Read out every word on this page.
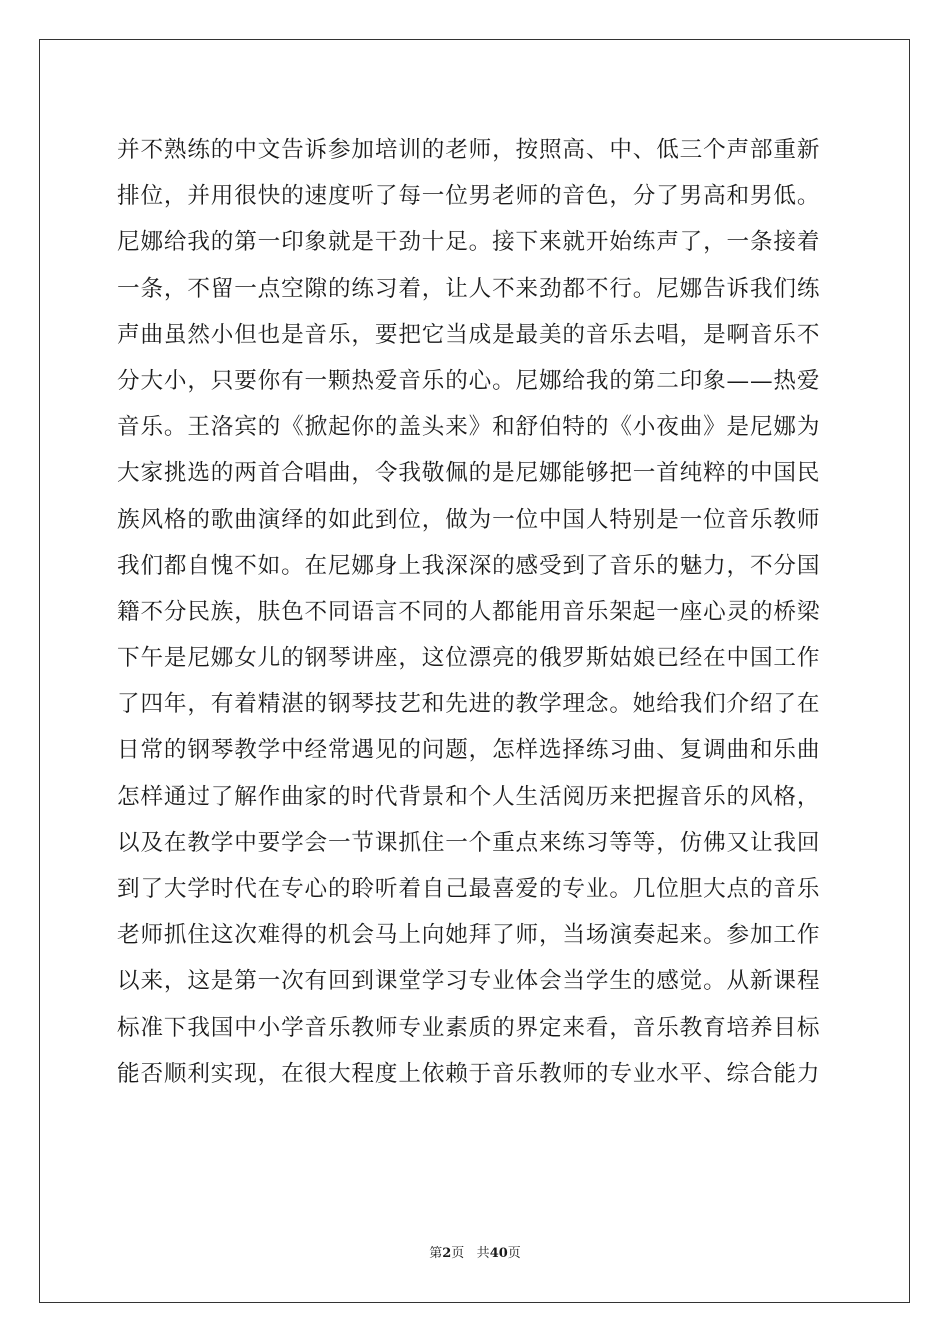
并不熟练的中文告诉参加培训的老师，按照高、中、低三个声部重新
排位，并用很快的速度听了每一位男老师的音色，分了男高和男低。
尼娜给我的第一印象就是干劲十足。接下来就开始练声了，一条接着
一条，不留一点空隙的练习着，让人不来劲都不行。尼娜告诉我们练
声曲虽然小但也是音乐，要把它当成是最美的音乐去唱，是啊音乐不
分大小，只要你有一颗热爱音乐的心。尼娜给我的第二印象——热爱
音乐。王洛宾的《掀起你的盖头来》和舒伯特的《小夜曲》是尼娜为
大家挑选的两首合唱曲，令我敬佩的是尼娜能够把一首纯粹的中国民
族风格的歌曲演绎的如此到位，做为一位中国人特别是一位音乐教师
我们都自愧不如。在尼娜身上我深深的感受到了音乐的魅力，不分国
籍不分民族，肤色不同语言不同的人都能用音乐架起一座心灵的桥梁
下午是尼娜女儿的钢琴讲座，这位漂亮的俄罗斯姑娘已经在中国工作
了四年，有着精湛的钢琴技艺和先进的教学理念。她给我们介绍了在
日常的钢琴教学中经常遇见的问题，怎样选择练习曲、复调曲和乐曲
怎样通过了解作曲家的时代背景和个人生活阅历来把握音乐的风格，
以及在教学中要学会一节课抓住一个重点来练习等等，仿佛又让我回
到了大学时代在专心的聆听着自己最喜爱的专业。几位胆大点的音乐
老师抓住这次难得的机会马上向她拜了师，当场演奏起来。参加工作
以来，这是第一次有回到课堂学习专业体会当学生的感觉。从新课程
标准下我国中小学音乐教师专业素质的界定来看，音乐教育培养目标
能否顺利实现，在很大程度上依赖于音乐教师的专业水平、综合能力
第2页 共40页
